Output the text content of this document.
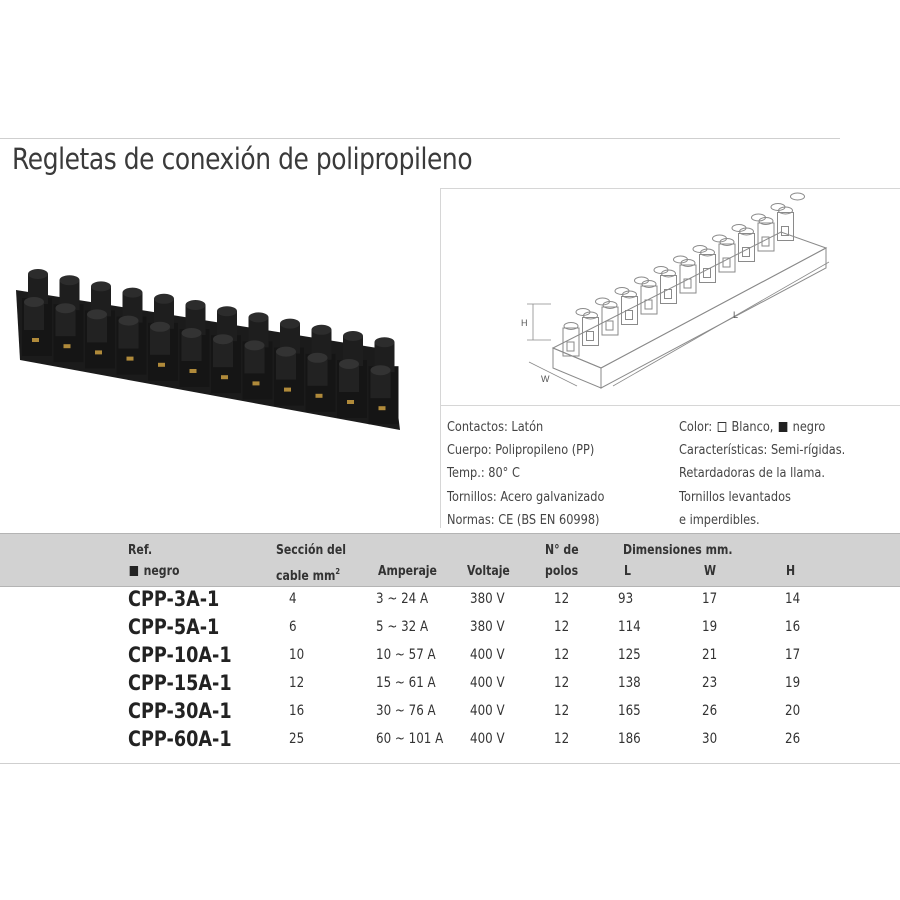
Regletas de conexión de polipropileno
H
W
L
Contactos: Latón
Cuerpo: Polipropileno (PP)
Temp.: 80° C
Tornillos: Acero galvanizado
Normas: CE (BS EN 60998)
Color: Blanco, negro
Características: Semi-rígidas.
Retardadoras de la llama.
Tornillos levantados
e imperdibles.
Ref.
negro
Sección del
cable $mm^2$	Amperaje Voltaje
N° de
polos
Dimensiones mm.
L	W	H
CPP-3A-1	4	3 ~ 24 A	380 V	12	93	17	14
CPP-5A-1	6	5 ~ 32 A	380 V	12	114	19	16
CPP-10A-1	10	10 ~ 57 A 400 V	12	125	21	17
CPP-15A-1	12	15 ~ 61 A 400 V	12	138	23	19
CPP-30A-1	16	30 ~ 76 A 400 V	12	165	26	20
CPP-60A-1	25	60 ~ 101 A 400 V	12	186	30	26
